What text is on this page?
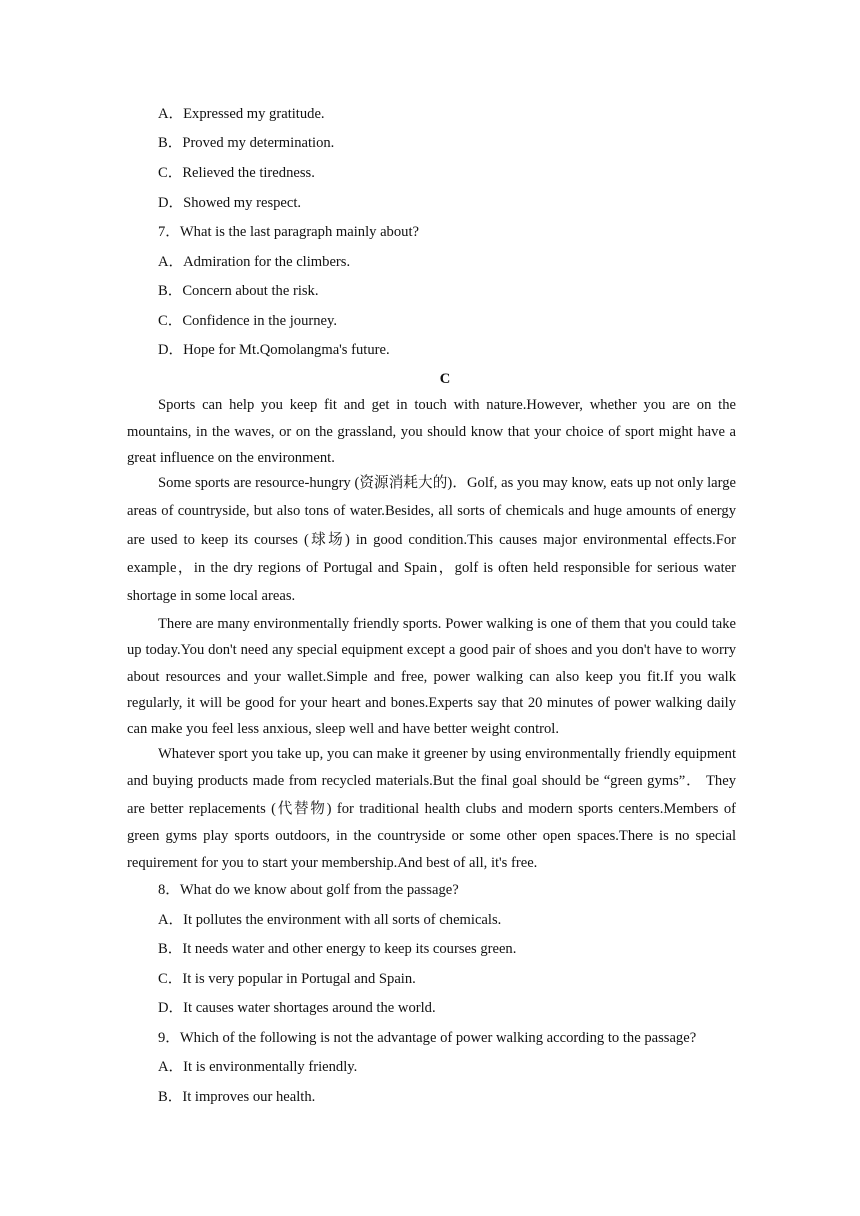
A．Expressed my gratitude.
B．Proved my determination.
C．Relieved the tiredness.
D．Showed my respect.
7．What is the last paragraph mainly about?
A．Admiration for the climbers.
B．Concern about the risk.
C．Confidence in the journey.
D．Hope for Mt.Qomolangma's future.
C

Sports can help you keep fit and get in touch with nature.However, whether you are on the mountains, in the waves, or on the grassland, you should know that your choice of sport might have a great influence on the environment.

Some sports are resource-hungry (资源消耗大的)．Golf, as you may know, eats up not only large areas of countryside, but also tons of water.Besides, all sorts of chemicals and huge amounts of energy are used to keep its courses (球场) in good condition.This causes major environmental effects.For example，in the dry regions of Portugal and Spain，golf is often held responsible for serious water shortage in some local areas.

There are many environmentally friendly sports. Power walking is one of them that you could take up today.You don't need any special equipment except a good pair of shoes and you don't have to worry about resources and your wallet.Simple and free, power walking can also keep you fit.If you walk regularly, it will be good for your heart and bones.Experts say that 20 minutes of power walking daily can make you feel less anxious, sleep well and have better weight control.

Whatever sport you take up, you can make it greener by using environmentally friendly equipment and buying products made from recycled materials.But the final goal should be “green gyms”． They are better replacements (代替物) for traditional health clubs and modern sports centers.Members of green gyms play sports outdoors, in the countryside or some other open spaces.There is no special requirement for you to start your membership.And best of all, it's free.

8．What do we know about golf from the passage?
A．It pollutes the environment with all sorts of chemicals.
B．It needs water and other energy to keep its courses green.
C．It is very popular in Portugal and Spain.
D．It causes water shortages around the world.
9．Which of the following is not the advantage of power walking according to the passage?
A．It is environmentally friendly.
B．It improves our health.
